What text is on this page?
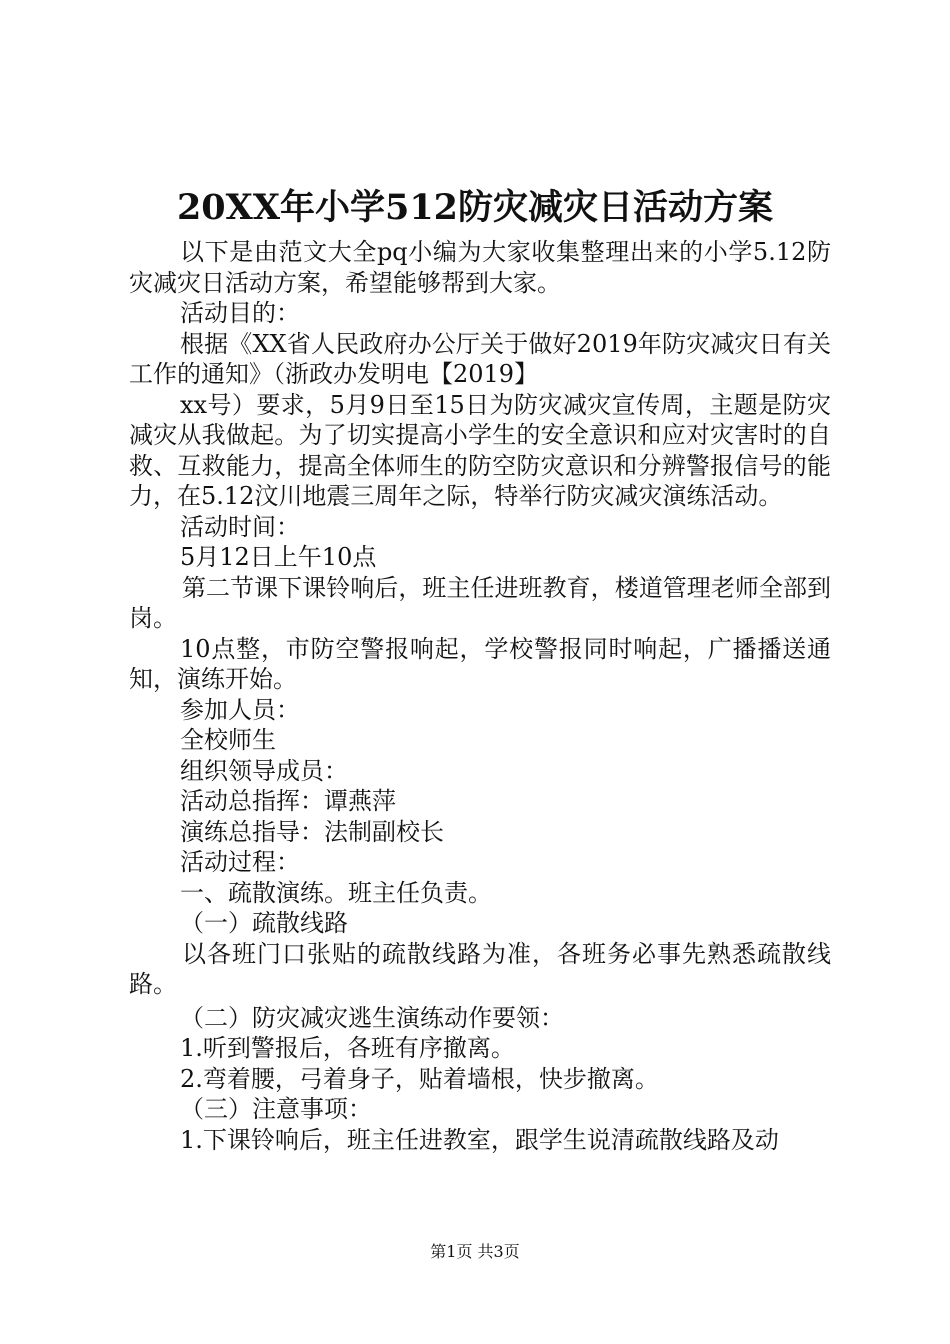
20XX年小学512防灾减灾日活动方案

以下是由范文大全pq小编为大家收集整理出来的小学5.12防灾减灾日活动方案，希望能够帮到大家。

活动目的：

根据《XX省人民政府办公厅关于做好2019年防灾减灾日有关工作的通知》（浙政办发明电【2019】

xx号）要求，5月9日至15日为防灾减灾宣传周，主题是防灾减灾从我做起。为了切实提高小学生的安全意识和应对灾害时的自救、互救能力，提高全体师生的防空防灾意识和分辨警报信号的能力，在5.12汶川地震三周年之际，特举行防灾减灾演练活动。

活动时间：

5月12日上午10点

第二节课下课铃响后，班主任进班教育，楼道管理老师全部到岗。

10点整，市防空警报响起，学校警报同时响起，广播播送通知，演练开始。

参加人员：

全校师生

组织领导成员：

活动总指挥：谭燕萍

演练总指导：法制副校长

活动过程：

一、疏散演练。班主任负责。

（一）疏散线路

以各班门口张贴的疏散线路为准，各班务必事先熟悉疏散线路。

（二）防灾减灾逃生演练动作要领：

1.听到警报后，各班有序撤离。

2.弯着腰，弓着身子，贴着墙根，快步撤离。

（三）注意事项：

1.下课铃响后，班主任进教室，跟学生说清疏散线路及动

第1页 共3页
